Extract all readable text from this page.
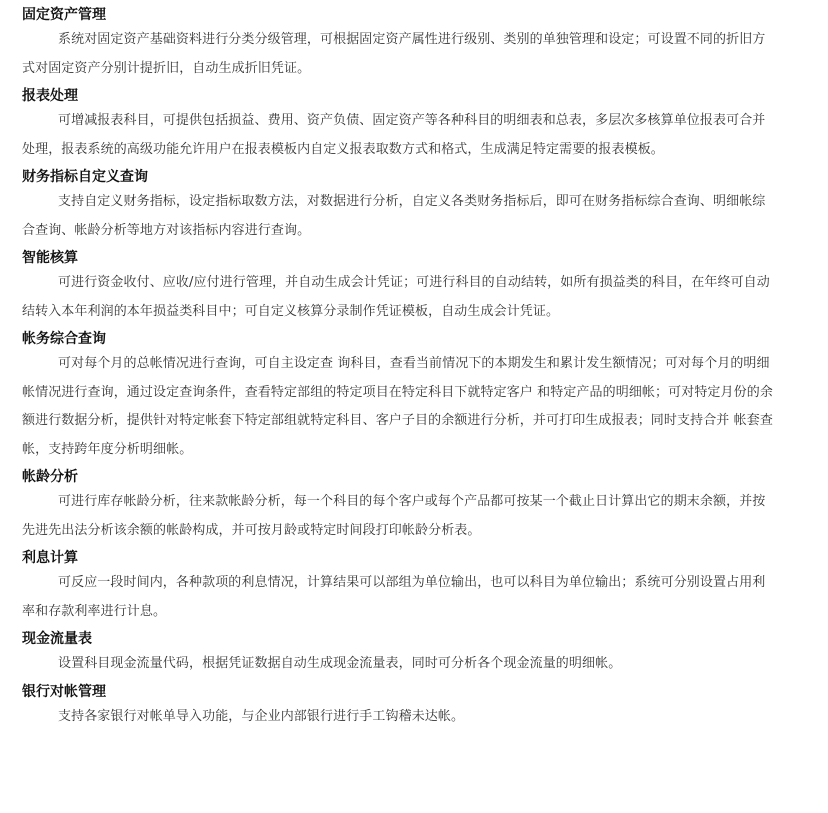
固定资产管理

系统对固定资产基础资料进行分类分级管理，可根据固定资产属性进行级别、类别的单独管理和设定；可设置不同的折旧方式对固定资产分别计提折旧，自动生成折旧凭证。

报表处理

可增减报表科目，可提供包括损益、费用、资产负债、固定资产等各种科目的明细表和总表，多层次多核算单位报表可合并处理，报表系统的高级功能允许用户在报表模板内自定义报表取数方式和格式，生成满足特定需要的报表模板。

财务指标自定义查询

支持自定义财务指标，设定指标取数方法，对数据进行分析，自定义各类财务指标后，即可在财务指标综合查询、明细帐综合查询、帐龄分析等地方对该指标内容进行查询。

智能核算

可进行资金收付、应收/应付进行管理，并自动生成会计凭证；可进行科目的自动结转，如所有损益类的科目，在年终可自动结转入本年利润的本年损益类科目中；可自定义核算分录制作凭证模板，自动生成会计凭证。

帐务综合查询

可对每个月的总帐情况进行查询，可自主设定查 询科目，查看当前情况下的本期发生和累计发生额情况；可对每个月的明细帐情况进行查询，通过设定查询条件，查看特定部组的特定项目在特定科目下就特定客户 和特定产品的明细帐；可对特定月份的余额进行数据分析，提供针对特定帐套下特定部组就特定科目、客户子目的余额进行分析，并可打印生成报表；同时支持合并 帐套查帐，支持跨年度分析明细帐。

帐龄分析

可进行库存帐龄分析，往来款帐龄分析，每一个科目的每个客户或每个产品都可按某一个截止日计算出它的期末余额，并按先进先出法分析该余额的帐龄构成，并可按月龄或特定时间段打印帐龄分析表。

利息计算

可反应一段时间内，各种款项的利息情况，计算结果可以部组为单位输出，也可以科目为单位输出；系统可分别设置占用利率和存款利率进行计息。

现金流量表

设置科目现金流量代码，根据凭证数据自动生成现金流量表，同时可分析各个现金流量的明细帐。

银行对帐管理

支持各家银行对帐单导入功能，与企业内部银行进行手工钩稽未达帐。
